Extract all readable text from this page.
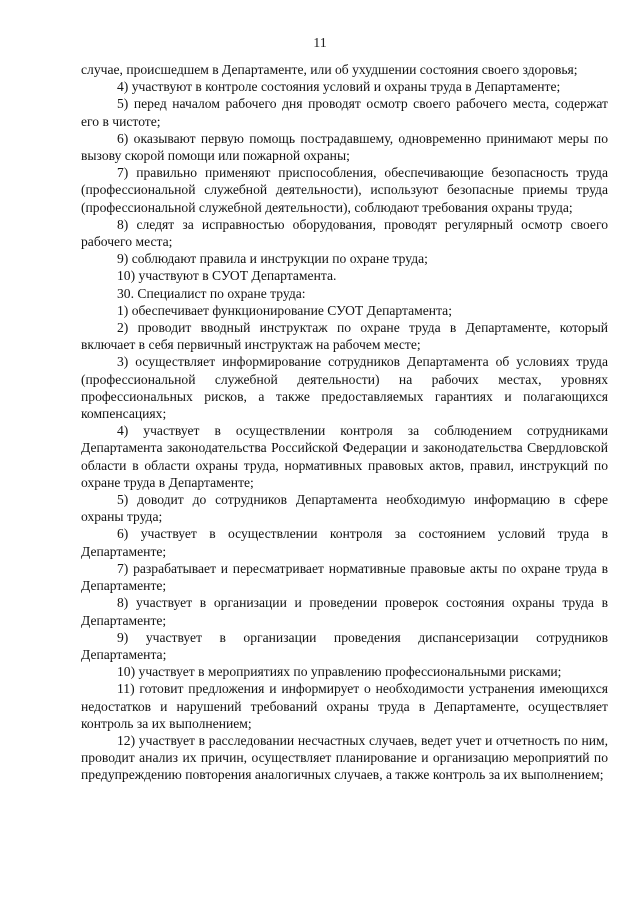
11

случае, происшедшем в Департаменте, или об ухудшении состояния своего здоровья;

4) участвуют в контроле состояния условий и охраны труда в Департаменте;

5) перед началом рабочего дня проводят осмотр своего рабочего места, содержат его в чистоте;

6) оказывают первую помощь пострадавшему, одновременно принимают меры по вызову скорой помощи или пожарной охраны;

7) правильно применяют приспособления, обеспечивающие безопасность труда (профессиональной служебной деятельности), используют безопасные приемы труда (профессиональной служебной деятельности), соблюдают требования охраны труда;

8) следят за исправностью оборудования, проводят регулярный осмотр своего рабочего места;

9) соблюдают правила и инструкции по охране труда;

10) участвуют в СУОТ Департамента.

30. Специалист по охране труда:

1) обеспечивает функционирование СУОТ Департамента;

2) проводит вводный инструктаж по охране труда в Департаменте, который включает в себя первичный инструктаж на рабочем месте;

3) осуществляет информирование сотрудников Департамента об условиях труда (профессиональной служебной деятельности) на рабочих местах, уровнях профессиональных рисков, а также предоставляемых гарантиях и полагающихся компенсациях;

4) участвует в осуществлении контроля за соблюдением сотрудниками Департамента законодательства Российской Федерации и законодательства Свердловской области в области охраны труда, нормативных правовых актов, правил, инструкций по охране труда в Департаменте;

5) доводит до сотрудников Департамента необходимую информацию в сфере охраны труда;

6) участвует в осуществлении контроля за состоянием условий труда в Департаменте;

7) разрабатывает и пересматривает нормативные правовые акты по охране труда в Департаменте;

8) участвует в организации и проведении проверок состояния охраны труда в Департаменте;

9) участвует в организации проведения диспансеризации сотрудников Департамента;

10) участвует в мероприятиях по управлению профессиональными рисками;

11) готовит предложения и информирует о необходимости устранения имеющихся недостатков и нарушений требований охраны труда в Департаменте, осуществляет контроль за их выполнением;

12) участвует в расследовании несчастных случаев, ведет учет и отчетность по ним, проводит анализ их причин, осуществляет планирование и организацию мероприятий по предупреждению повторения аналогичных случаев, а также контроль за их выполнением;
